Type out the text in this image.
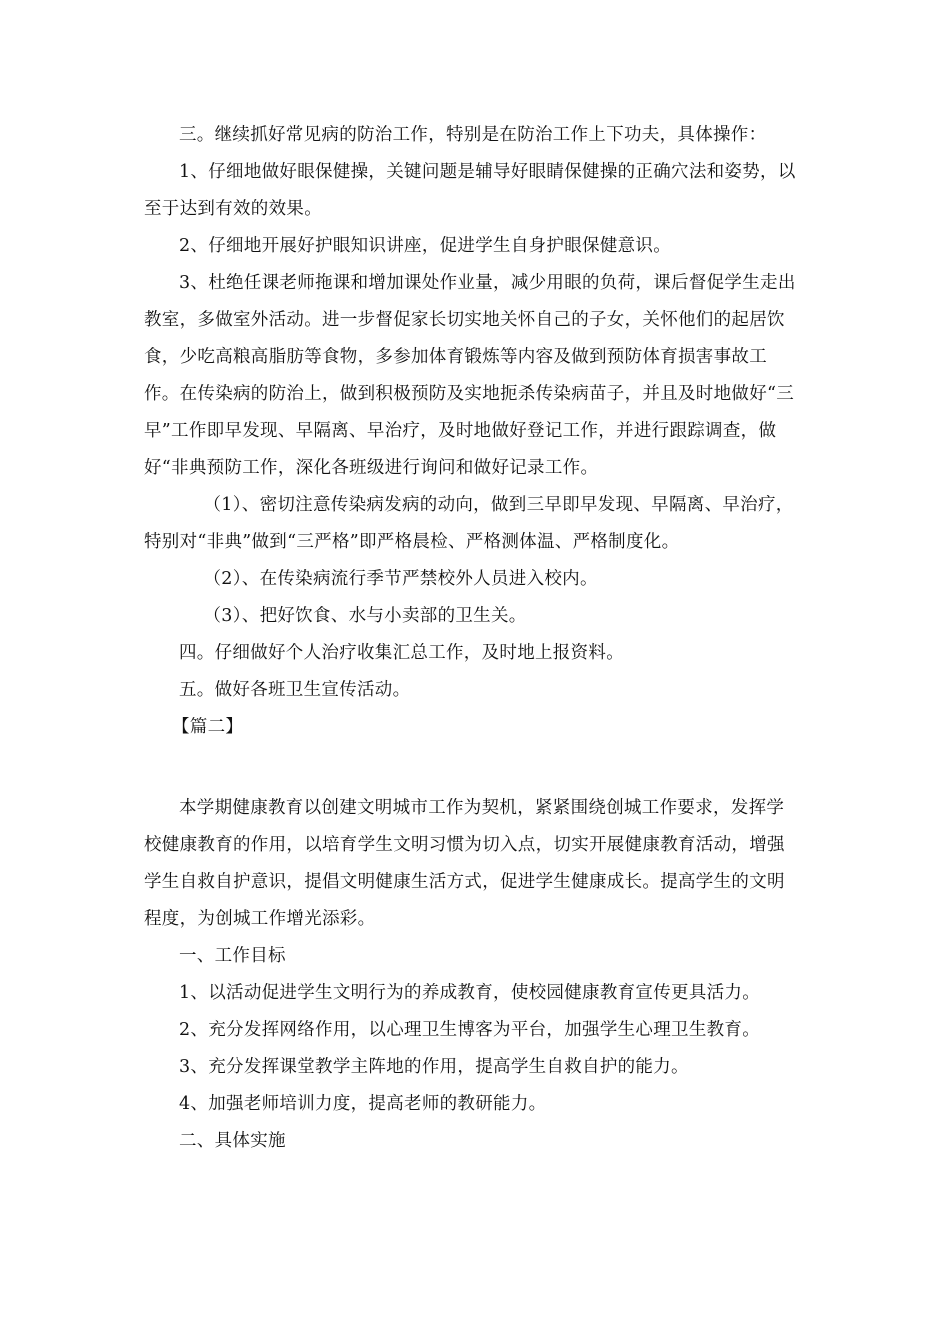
三。继续抓好常见病的防治工作，特别是在防治工作上下功夫，具体操作：

1、仔细地做好眼保健操，关键问题是辅导好眼睛保健操的正确穴法和姿势，以至于达到有效的效果。

2、仔细地开展好护眼知识讲座，促进学生自身护眼保健意识。

3、杜绝任课老师拖课和增加课处作业量，减少用眼的负荷，课后督促学生走出教室，多做室外活动。进一步督促家长切实地关怀自己的子女，关怀他们的起居饮食，少吃高粮高脂肪等食物，多参加体育锻炼等内容及做到预防体育损害事故工作。在传染病的防治上，做到积极预防及实地扼杀传染病苗子，并且及时地做好“三早”工作即早发现、早隔离、早治疗，及时地做好登记工作，并进行跟踪调查，做好“非典预防工作，深化各班级进行询问和做好记录工作。

（1）、密切注意传染病发病的动向，做到三早即早发现、早隔离、早治疗，特别对“非典”做到“三严格”即严格晨检、严格测体温、严格制度化。

（2）、在传染病流行季节严禁校外人员进入校内。

（3）、把好饮食、水与小卖部的卫生关。

四。仔细做好个人治疗收集汇总工作，及时地上报资料。

五。做好各班卫生宣传活动。

【篇二】

本学期健康教育以创建文明城市工作为契机，紧紧围绕创城工作要求，发挥学校健康教育的作用，以培育学生文明习惯为切入点，切实开展健康教育活动，增强学生自救自护意识，提倡文明健康生活方式，促进学生健康成长。提高学生的文明程度，为创城工作增光添彩。

一、工作目标

1、以活动促进学生文明行为的养成教育，使校园健康教育宣传更具活力。

2、充分发挥网络作用，以心理卫生博客为平台，加强学生心理卫生教育。

3、充分发挥课堂教学主阵地的作用，提高学生自救自护的能力。

4、加强老师培训力度，提高老师的教研能力。

二、具体实施
